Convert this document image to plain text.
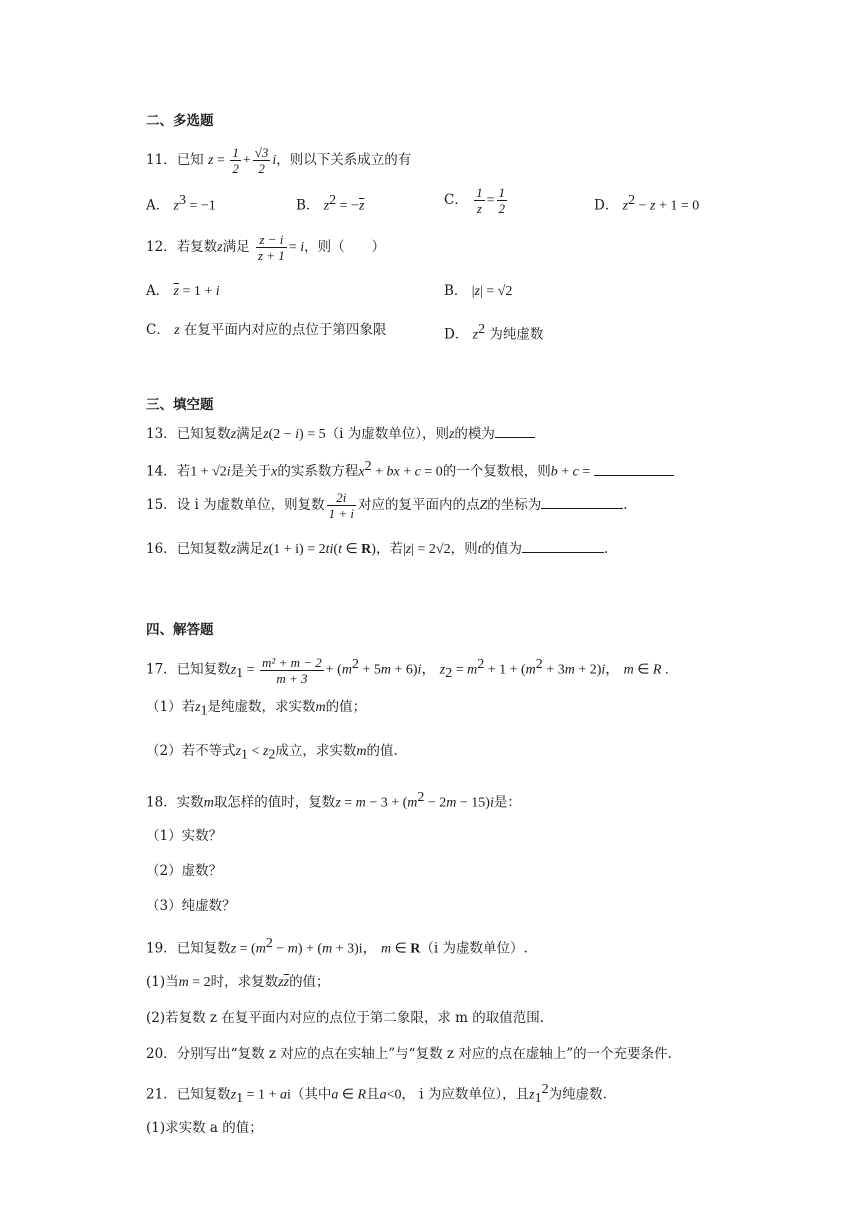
二、多选题
11．已知 $z = \frac{1}{2} + \frac{√3}{2}$ i，则以下关系成立的有
A． $z^3 = -1$	B． $z^2 = -\overline{z}$	C． $\frac{1}{z} = \frac{1}{2}$	D． $z^2 - z + 1 = 0$
12．若复数z满足 $\frac{z - i}{z + 1} = i$，则（　　）
A． $\overline{z} = 1 + i$	B． |z| = √2
C． z 在复平面内对应的点位于第四象限	D． $z^2$ 为纯虚数
三、填空题
13．已知复数z满足z(2 − i) = 5（i 为虚数单位），则z的模为
14．若1 + √2i是关于x的实系数方程$x^2$ + bx + c = 0的一个复数根，则b + c =
15．设 i 为虚数单位，则复数 $\frac{2i}{1 + i}$ 对应的复平面内的点Z的坐标为	.
16．已知复数z满足z(1 + i) = 2ti(t ∈ R)，若|z| = 2√2，则t的值为	.
四、解答题
17．已知复数$z_1 = \frac{\text{m² + m − 2}}{m + 3} + (m^2 + 5m + 6)i$， $z_2 = m^2 + 1 + (m^2 + 3m + 2)i$， m ∈ R .
（1）若$z_1$是纯虚数，求实数m的值；
（2）若不等式$z_1 < z_2$成立，求实数m的值.
18．实数m取怎样的值时，复数$z = m - 3 + (m^2 - 2m - 15)i$是：
（1）实数？
（2）虚数？
（3）纯虚数？
19．已知复数$z = (m^2 - m) + (m + 3)i$， m ∈ R（i 为虚数单位）.
(1)当m = 2时，求复数$z\overline{z}$的值；
(2)若复数 z 在复平面内对应的点位于第二象限，求 m 的取值范围.
20．分别写出“复数 z 对应的点在实轴上”与“复数 z 对应的点在虚轴上”的一个充要条件.
21．已知复数$z_1 = 1 + ai$（其中a ∈ R且a<0， i 为应数单位），且$z_1^2$为纯虚数.
(1)求实数 a 的值；
